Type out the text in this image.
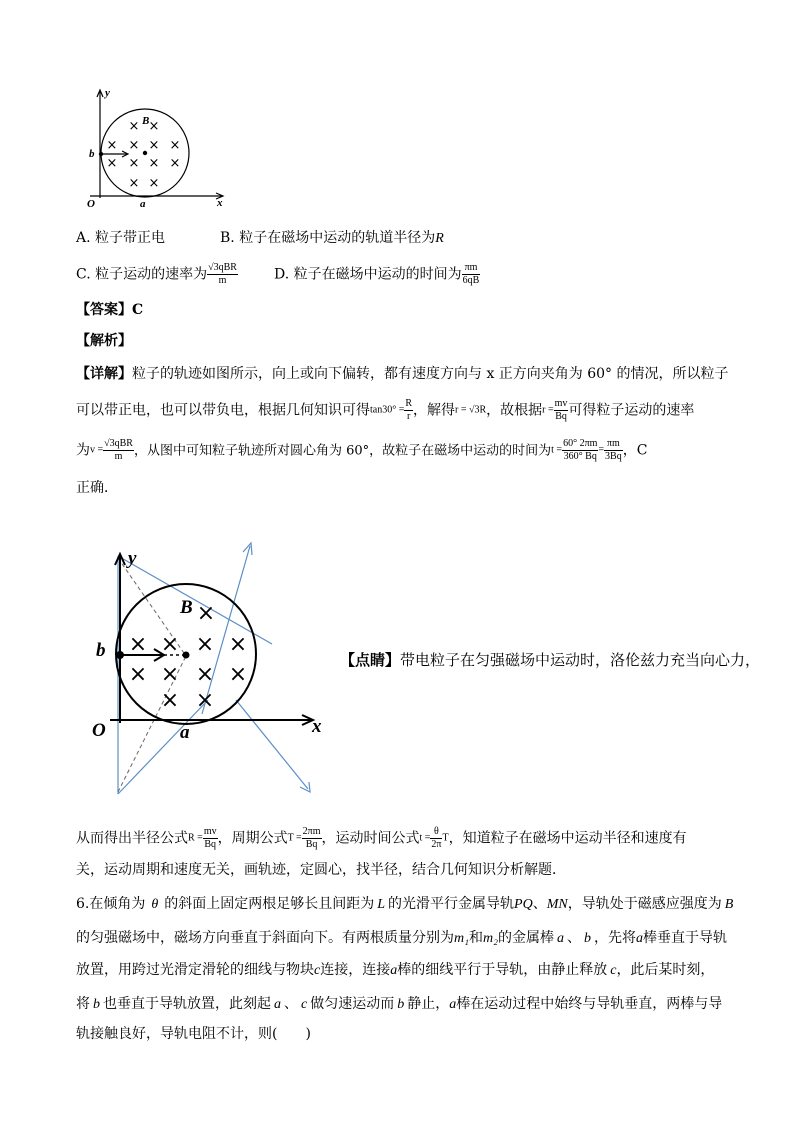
× ×
× × ×
× × × ×
× ×
×
y
x
O	a
b
B
A. 粒子带正电	B. 粒子在磁场中运动的轨道半径为R
C. 粒子运动的速率为 $\frac{\text{√3qBR}}{m}$	D. 粒子在磁场中运动的时间为 $\frac{\pi m}{6qB}$
【答案】C
【解析】
【详解】粒子的轨迹如图所示，向上或向下偏转，都有速度方向与 x 正方向夹角为 60° 的情况，所以粒子
可以带正电，也可以带负电，根据几何知识可得$\tan 30^\circ = \frac{R}{r}$ ，解得r = √3R，故根据$r = \frac{mv}{Bq}$ 可得粒子运动的速率
为$v = \frac{\text{√3qBR}}{m}$ ，从图中可知粒子轨迹所对圆心角为 60°，故粒子在磁场中运动的时间为$t = \frac{60^\circ 2\pi m}{360^\circ Bq} = \frac{\pi m}{3Bq}$ ，C
正确．
×
× × × ×
× × × ×
× ×
y
x
O	a
b
B
【点睛】带电粒子在匀强磁场中运动时，洛伦兹力充当向心力，
从而得出半径公式$R = \frac{mv}{Bq}$ ，周期公式$T = \frac{2\pi m}{Bq}$ ，运动时间公式$t = \frac{\theta}{2\pi}$ T，知道粒子在磁场中运动半径和速度有
关，运动周期和速度无关，画轨迹，定圆心，找半径，结合几何知识分析解题．
6.在倾角为 θ 的斜面上固定两根足够长且间距为 L 的光滑平行金属导轨PQ、MN，导轨处于磁感应强度为 B
的匀强磁场中，磁场方向垂直于斜面向下。有两根质量分别为m₁和m₂的金属棒 a 、 b ，先将a棒垂直于导轨
放置，用跨过光滑定滑轮的细线与物块c连接，连接a棒的细线平行于导轨，由静止释放 c，此后某时刻，
将 b 也垂直于导轨放置，此刻起 a 、 c 做匀速运动而 b 静止，a棒在运动过程中始终与导轨垂直，两棒与导
轨接触良好，导轨电阻不计，则(　　)
